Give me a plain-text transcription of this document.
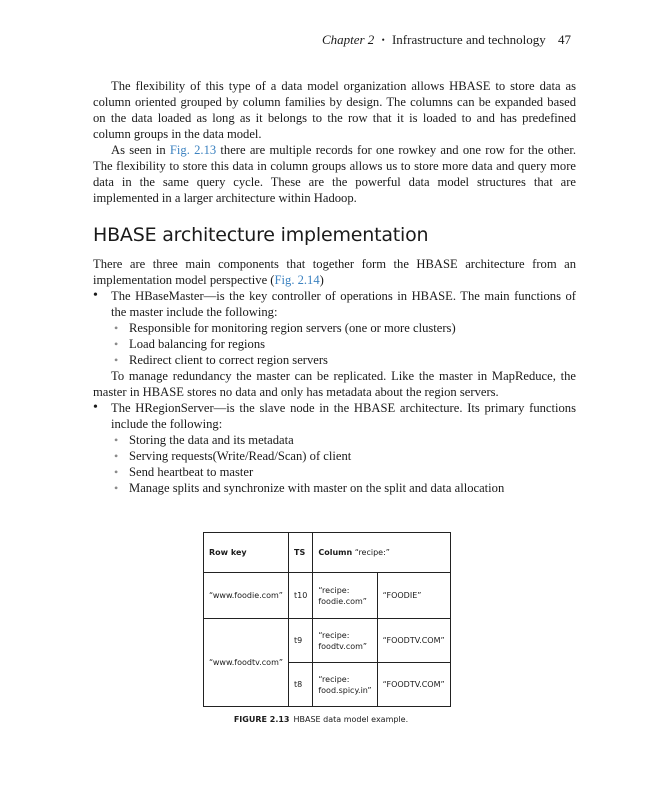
Chapter 2 • Infrastructure and technology 47

The flexibility of this type of a data model organization allows HBASE to store data as column oriented grouped by column families by design. The columns can be expanded based on the data loaded as long as it belongs to the row that it is loaded to and has predefined column groups in the data model.

As seen in Fig. 2.13 there are multiple records for one rowkey and one row for the other. The flexibility to store this data in column groups allows us to store more data and query more data in the same query cycle. These are the powerful data model structures that are implemented in a larger architecture within Hadoop.

HBASE architecture implementation

There are three main components that together form the HBASE architecture from an implementation model perspective (Fig. 2.14)

• The HBaseMaster—is the key controller of operations in HBASE. The main functions of the master include the following:
• Responsible for monitoring region servers (one or more clusters)
• Load balancing for regions
• Redirect client to correct region servers

To manage redundancy the master can be replicated. Like the master in MapReduce, the master in HBASE stores no data and only has metadata about the region servers.

• The HRegionServer—is the slave node in the HBASE architecture. Its primary functions include the following:
• Storing the data and its metadata
• Serving requests(Write/Read/Scan) of client
• Send heartbeat to master
• Manage splits and synchronize with master on the split and data allocation
Row key	TS	Column “recipe:”	
“www.foodie.com”	t10	“recipe: foodie.com”	“FOODIE”
“www.foodtv.com”	t9	“recipe: foodtv.com”	“FOODTV.COM”
	t8	“recipe: food.spicy.in”	“FOODTV.COM”
FIGURE 2.13 HBASE data model example.
